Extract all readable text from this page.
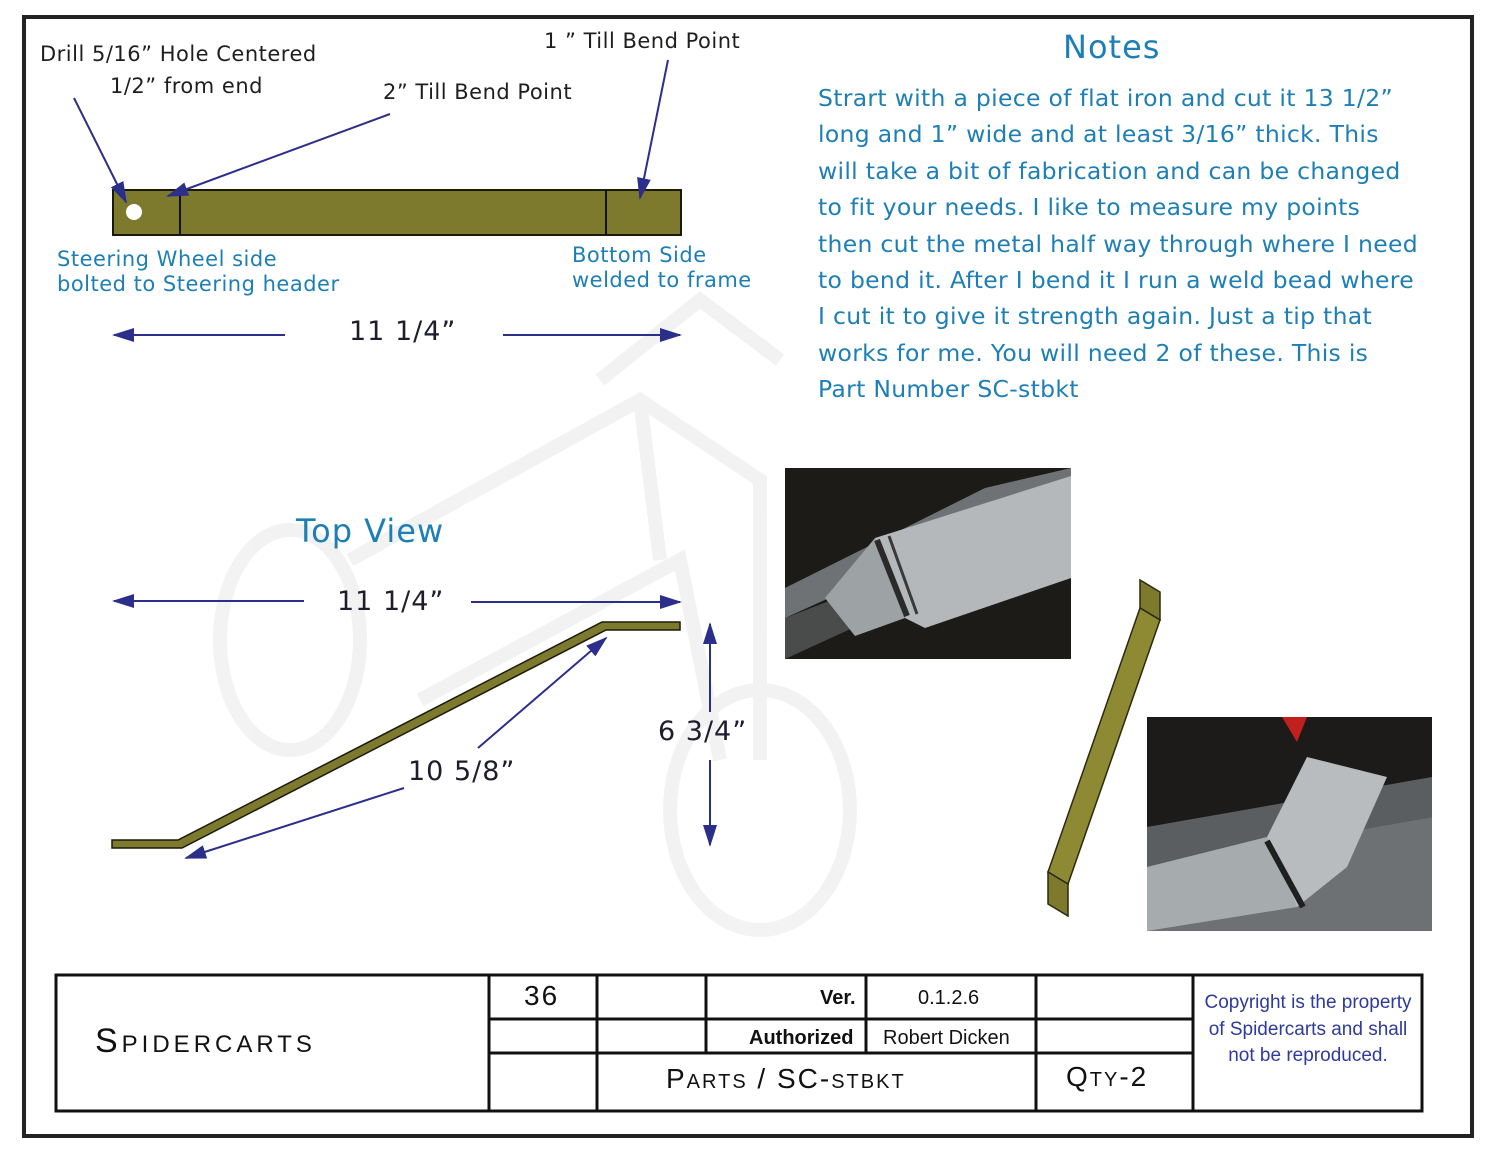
Drill 5/16” Hole Centered
1/2” from end	2” Till Bend Point
1 ” Till Bend Point
Steering Wheel side
bolted to Steering header
Bottom Side
welded to frame
11 1/4”
Top View
11 1/4”
10 5/8”
6 3/4”
Notes
Strart with a piece of flat iron and cut it 13 1/2” long and 1” wide and at least 3/16” thick. This will take a bit of fabrication and can be changed to fit your needs. I like to measure my points then cut the metal half way through where I need to bend it. After I bend it I run a weld bead where I cut it to give it strength again. Just a tip that works for me. You will need 2 of these. This is Part Number SC-stbkt
Spidercarts
36	Ver.	0.1.2.6
Authorized Robert Dicken
Parts / SC-stbkt	Qty-2
Copyright is the property of Spidercarts and shall not be reproduced.
